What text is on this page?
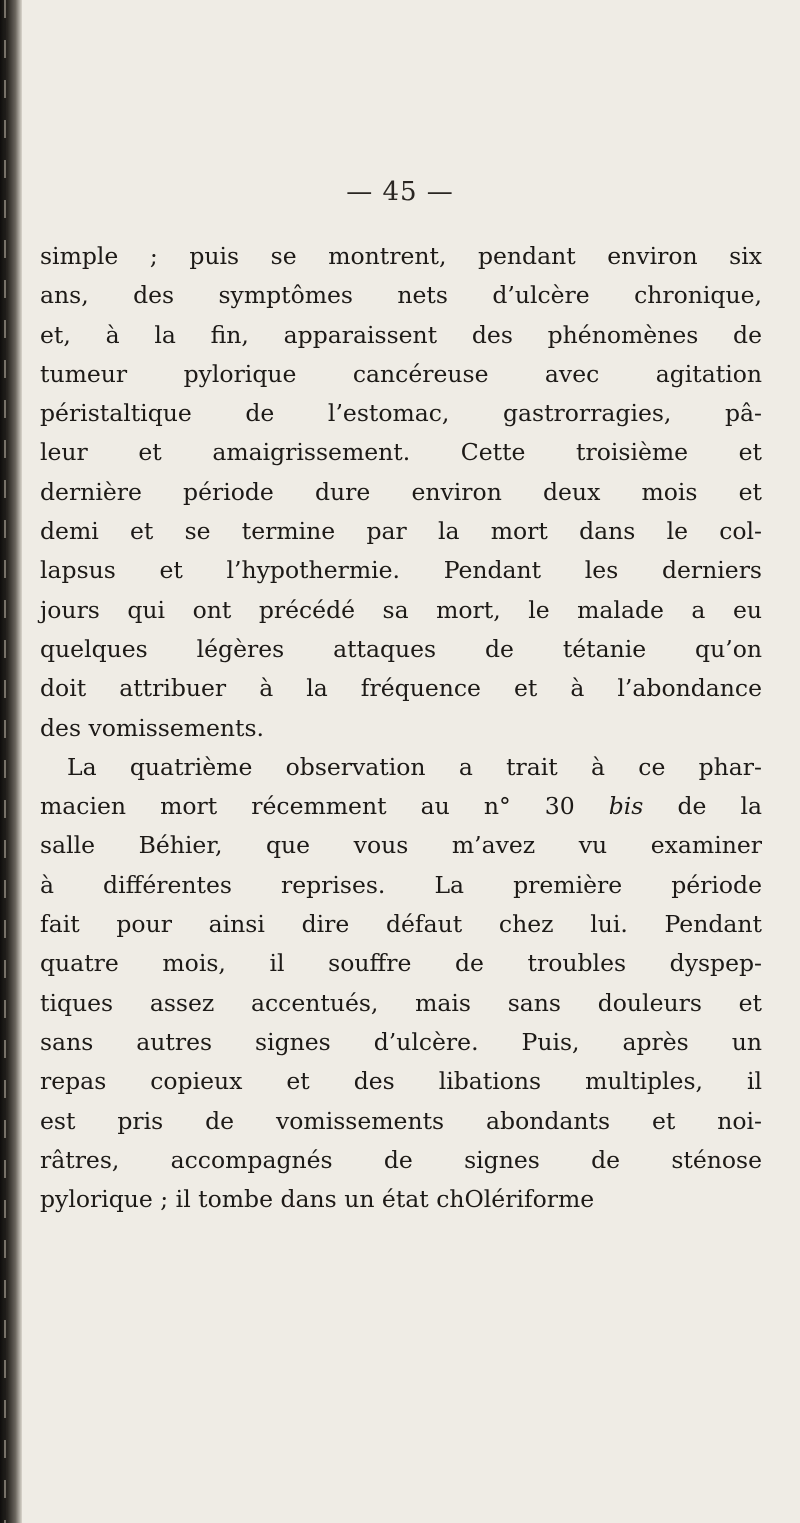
— 45 —
simple ; puis se montrent, pendant environ six
ans, des symptômes nets d’ulcère chronique,
et, à la fin, apparaissent des phénomènes de
tumeur pylorique cancéreuse avec agitation
péristaltique de l’estomac, gastrorragies, pâ-
leur et amaigrissement. Cette troisième et
dernière période dure environ deux mois et
demi et se termine par la mort dans le col-
lapsus et l’hypothermie. Pendant les derniers
jours qui ont précédé sa mort, le malade a eu
quelques légères attaques de tétanie qu’on
doit attribuer à la fréquence et à l’abondance
des vomissements.
La quatrième observation a trait à ce phar-
macien mort récemment au n° 30 bis de la
salle Béhier, que vous m’avez vu examiner
à différentes reprises. La première période
fait pour ainsi dire défaut chez lui. Pendant
quatre mois, il souffre de troubles dyspep-
tiques assez accentués, mais sans douleurs et
sans autres signes d’ulcère. Puis, après un
repas copieux et des libations multiples, il
est pris de vomissements abondants et noi-
râtres, accompagnés de signes de sténose
pylorique ; il tombe dans un état chOlériforme
